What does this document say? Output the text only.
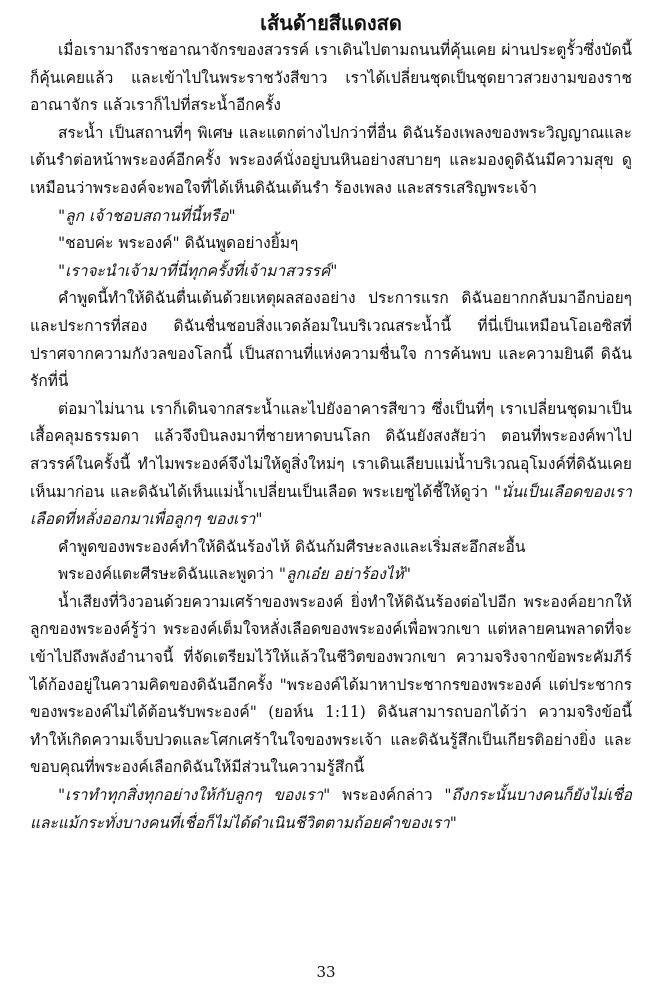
เส้นด้ายสีแดงสด

เมื่อเรามาถึงราชอาณาจักรของสวรรค์ เราเดินไปตามถนนที่คุ้นเคย ผ่านประตูรั้วซึ่งบัดนี้ก็คุ้นเคยแล้ว และเข้าไปในพระราชวังสีขาว เราได้เปลี่ยนชุดเป็นชุดยาวสวยงามของราชอาณาจักร แล้วเราก็ไปที่สระน้ำอีกครั้ง

สระน้ำ เป็นสถานที่ๆ พิเศษ และแตกต่างไปกว่าที่อื่น ดิฉันร้องเพลงของพระวิญญาณและเต้นรำต่อหน้าพระองค์อีกครั้ง พระองค์นั่งอยู่บนหินอย่างสบายๆ และมองดูดิฉันมีความสุข ดูเหมือนว่าพระองค์จะพอใจที่ได้เห็นดิฉันเต้นรำ ร้องเพลง และสรรเสริญพระเจ้า

"ลูก เจ้าชอบสถานที่นี้หรือ"

"ชอบค่ะ พระองค์" ดิฉันพูดอย่างยิ้มๆ

"เราจะนำเจ้ามาที่นี่ทุกครั้งที่เจ้ามาสวรรค์"

คำพูดนี้ทำให้ดิฉันตื่นเต้นด้วยเหตุผลสองอย่าง ประการแรก ดิฉันอยากกลับมาอีกบ่อยๆ และประการที่สอง ดิฉันชื่นชอบสิ่งแวดล้อมในบริเวณสระน้ำนี้ ที่นี่เป็นเหมือนโอเอซิสที่ปราศจากความกังวลของโลกนี้ เป็นสถานที่แห่งความชื่นใจ การค้นพบ และความยินดี ดิฉันรักที่นี่

ต่อมาไม่นาน เราก็เดินจากสระน้ำและไปยังอาคารสีขาว ซึ่งเป็นที่ๆ เราเปลี่ยนชุดมาเป็นเสื้อคลุมธรรมดา แล้วจึงบินลงมาที่ชายหาดบนโลก ดิฉันยังสงสัยว่า ตอนที่พระองค์พาไปสวรรค์ในครั้งนี้ ทำไมพระองค์จึงไม่ให้ดูสิ่งใหม่ๆ เราเดินเลียบแม่น้ำบริเวณอุโมงค์ที่ดิฉันเคยเห็นมาก่อน และดิฉันได้เห็นแม่น้ำเปลี่ยนเป็นเลือด พระเยซูได้ชี้ให้ดูว่า "นั่นเป็นเลือดของเรา เลือดที่หลั่งออกมาเพื่อลูกๆ ของเรา"

คำพูดของพระองค์ทำให้ดิฉันร้องไห้ ดิฉันก้มศีรษะลงและเริ่มสะอึกสะอื้น

พระองค์แตะศีรษะดิฉันและพูดว่า "ลูกเอ๋ย อย่าร้องไห้"

น้ำเสียงที่วิงวอนด้วยความเศร้าของพระองค์ ยิ่งทำให้ดิฉันร้องต่อไปอีก พระองค์อยากให้ลูกของพระองค์รู้ว่า พระองค์เต็มใจหลั่งเลือดของพระองค์เพื่อพวกเขา แต่หลายคนพลาดที่จะเข้าไปถึงพลังอำนาจนี้ ที่จัดเตรียมไว้ให้แล้วในชีวิตของพวกเขา ความจริงจากข้อพระคัมภีร์ได้ก้องอยู่ในความคิดของดิฉันอีกครั้ง "พระองค์ได้มาหาประชากรของพระองค์ แต่ประชากรของพระองค์ไม่ได้ต้อนรับพระองค์" (ยอห์น 1:11) ดิฉันสามารถบอกได้ว่า ความจริงข้อนี้ทำให้เกิดความเจ็บปวดและโศกเศร้าในใจของพระเจ้า และดิฉันรู้สึกเป็นเกียรติอย่างยิ่ง และขอบคุณที่พระองค์เลือกดิฉันให้มีส่วนในความรู้สึกนี้

"เราทำทุกสิ่งทุกอย่างให้กับลูกๆ ของเรา" พระองค์กล่าว "ถึงกระนั้นบางคนก็ยังไม่เชื่อและแม้กระทั่งบางคนที่เชื่อก็ไม่ได้ดำเนินชีวิตตามถ้อยคำของเรา"

33
